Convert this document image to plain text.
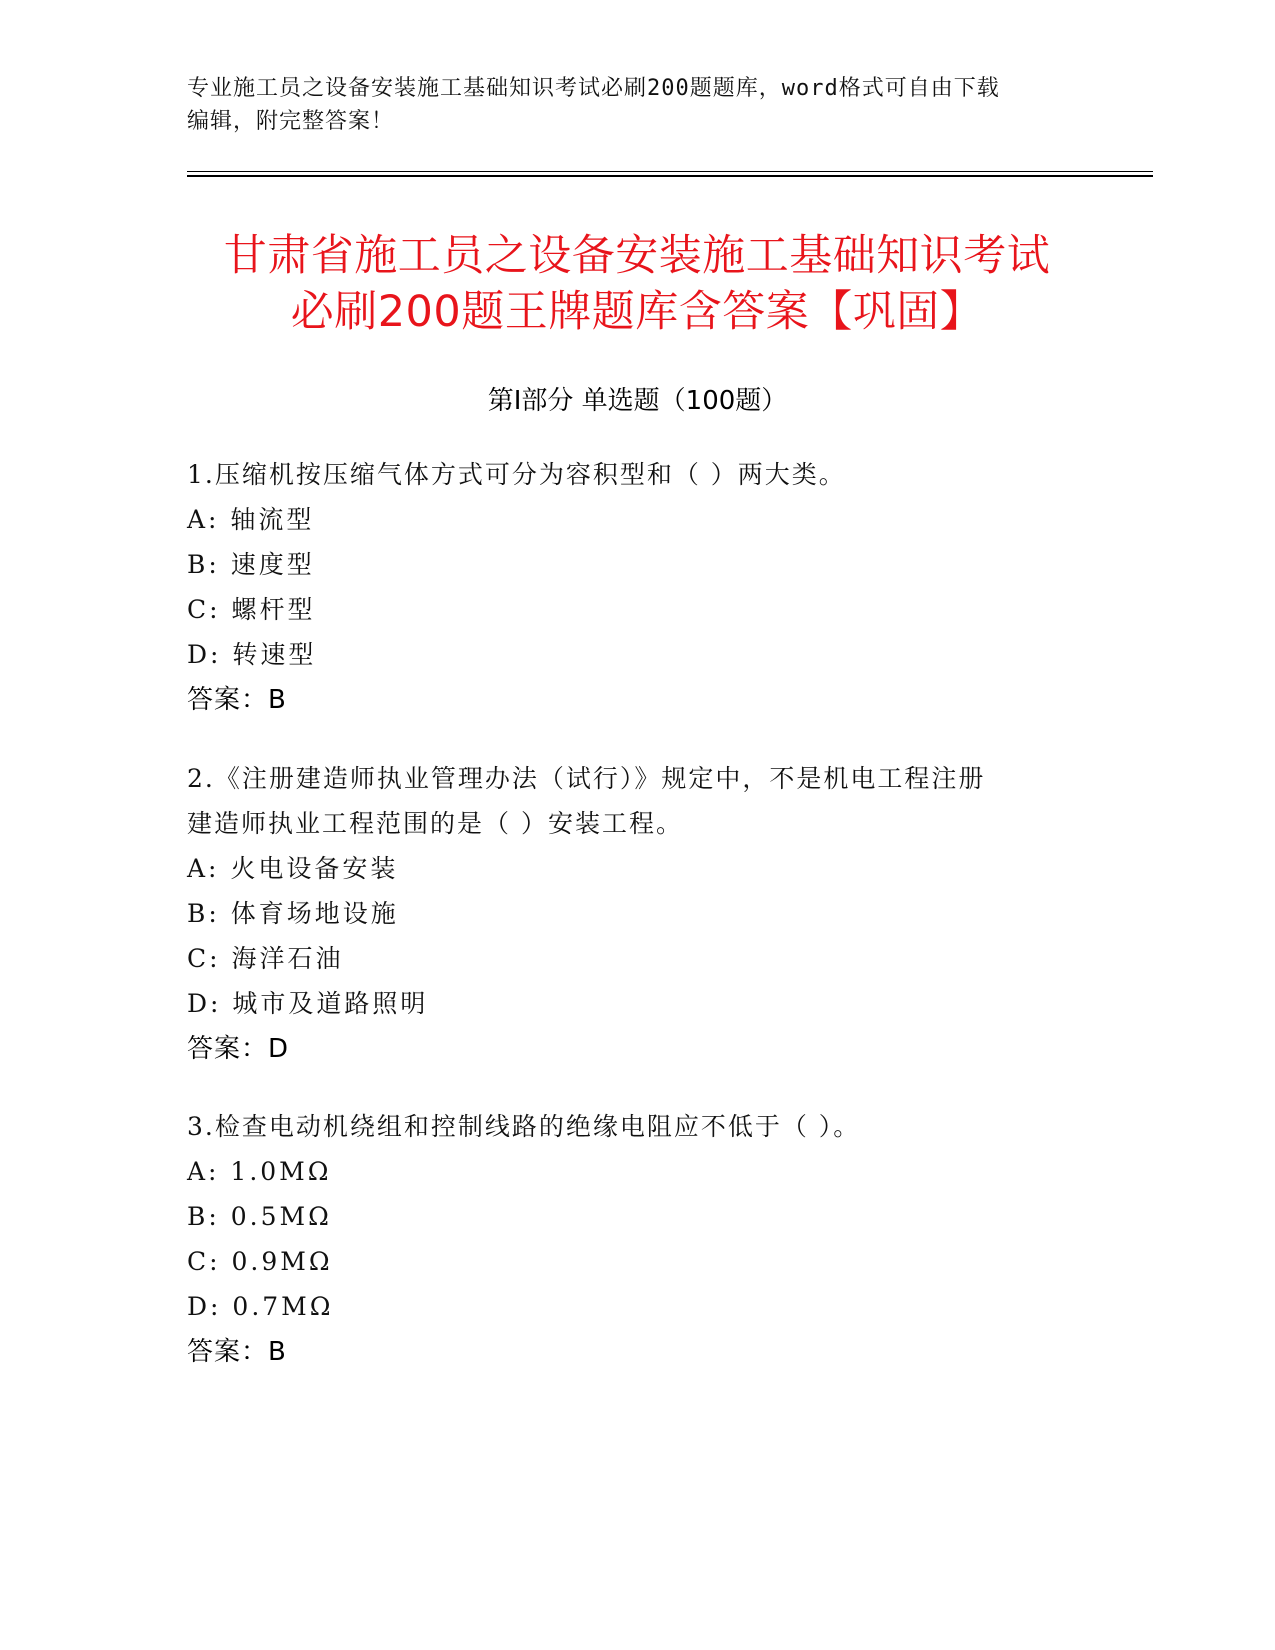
专业施工员之设备安装施工基础知识考试必刷200题题库，word格式可自由下载
编辑，附完整答案！
甘肃省施工员之设备安装施工基础知识考试
必刷200题王牌题库含答案【巩固】
第I部分 单选题（100题）
1.压缩机按压缩气体方式可分为容积型和（ ）两大类。
A: 轴流型
B: 速度型
C: 螺杆型
D: 转速型
答案：B
2.《注册建造师执业管理办法（试行）》规定中，不是机电工程注册
建造师执业工程范围的是（ ）安装工程。
A: 火电设备安装
B: 体育场地设施
C: 海洋石油
D: 城市及道路照明
答案：D
3.检查电动机绕组和控制线路的绝缘电阻应不低于（ ）。
A: 1.0MΩ
B: 0.5MΩ
C: 0.9MΩ
D: 0.7MΩ
答案：B
